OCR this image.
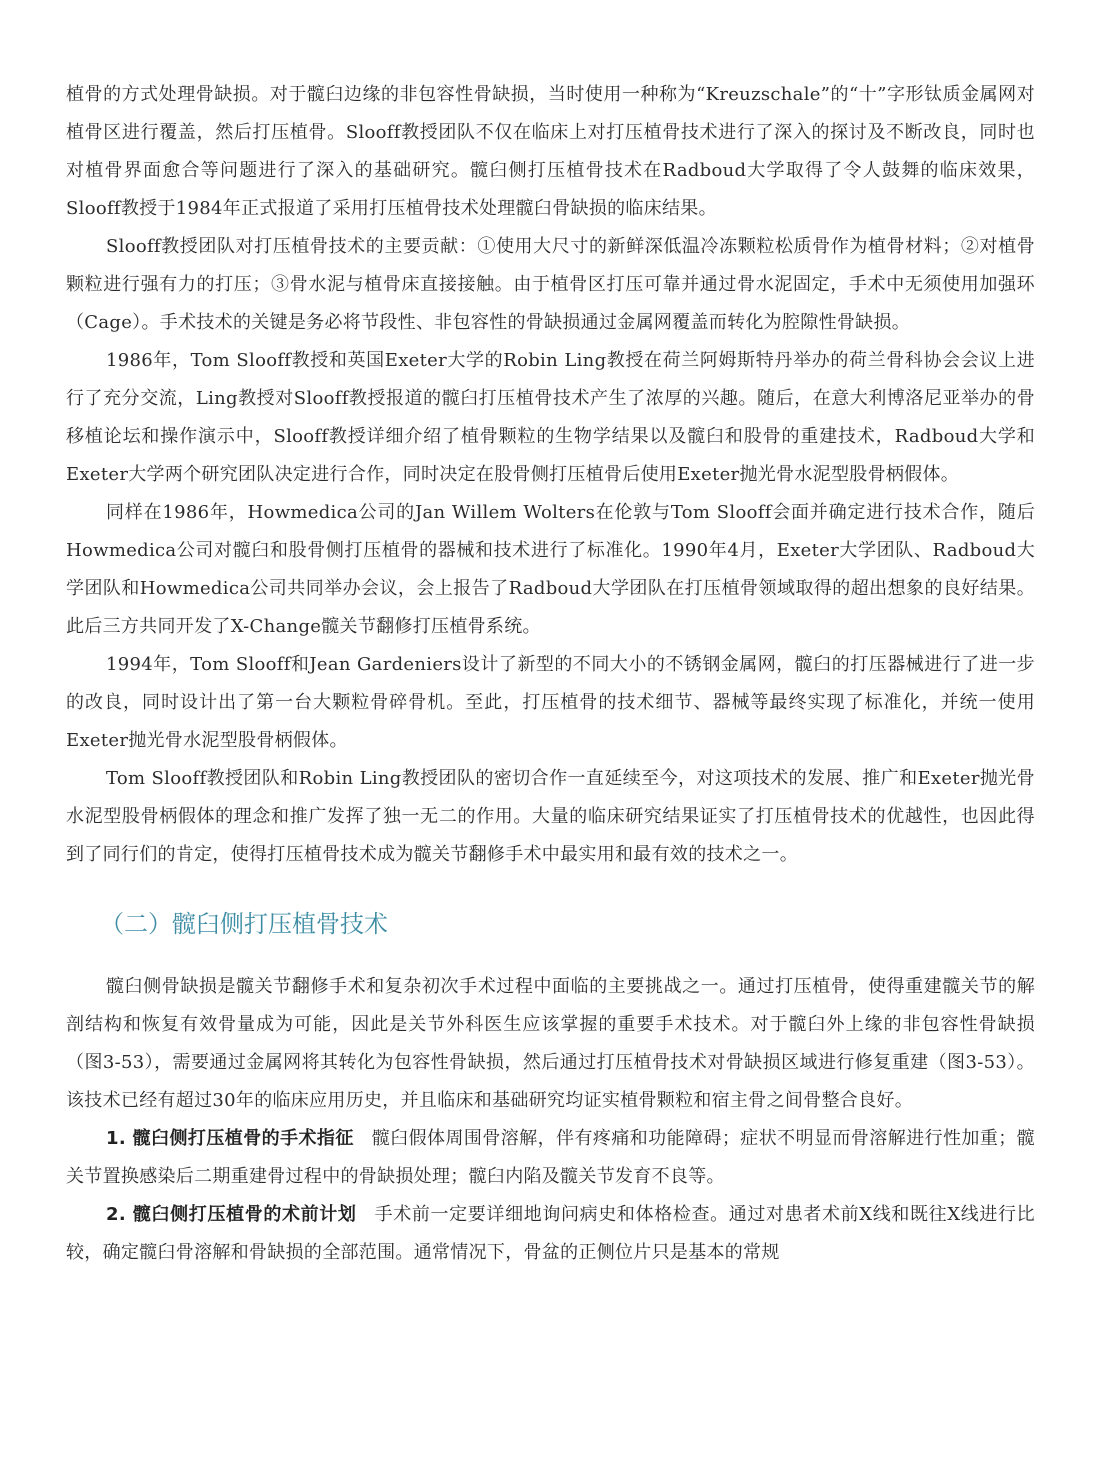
植骨的方式处理骨缺损。对于髋臼边缘的非包容性骨缺损，当时使用一种称为“Kreuzschale”的“十”字形钛质金属网对植骨区进行覆盖，然后打压植骨。Slooff教授团队不仅在临床上对打压植骨技术进行了深入的探讨及不断改良，同时也对植骨界面愈合等问题进行了深入的基础研究。髋臼侧打压植骨技术在Radboud大学取得了令人鼓舞的临床效果，Slooff教授于1984年正式报道了采用打压植骨技术处理髋臼骨缺损的临床结果。

Slooff教授团队对打压植骨技术的主要贡献：①使用大尺寸的新鲜深低温冷冻颗粒松质骨作为植骨材料；②对植骨颗粒进行强有力的打压；③骨水泥与植骨床直接接触。由于植骨区打压可靠并通过骨水泥固定，手术中无须使用加强环（Cage）。手术技术的关键是务必将节段性、非包容性的骨缺损通过金属网覆盖而转化为腔隙性骨缺损。

1986年，Tom Slooff教授和英国Exeter大学的Robin Ling教授在荷兰阿姆斯特丹举办的荷兰骨科协会会议上进行了充分交流，Ling教授对Slooff教授报道的髋臼打压植骨技术产生了浓厚的兴趣。随后，在意大利博洛尼亚举办的骨移植论坛和操作演示中，Slooff教授详细介绍了植骨颗粒的生物学结果以及髋臼和股骨的重建技术，Radboud大学和Exeter大学两个研究团队决定进行合作，同时决定在股骨侧打压植骨后使用Exeter抛光骨水泥型股骨柄假体。

同样在1986年，Howmedica公司的Jan Willem Wolters在伦敦与Tom Slooff会面并确定进行技术合作，随后Howmedica公司对髋臼和股骨侧打压植骨的器械和技术进行了标准化。1990年4月，Exeter大学团队、Radboud大学团队和Howmedica公司共同举办会议，会上报告了Radboud大学团队在打压植骨领域取得的超出想象的良好结果。此后三方共同开发了X-Change髋关节翻修打压植骨系统。

1994年，Tom Slooff和Jean Gardeniers设计了新型的不同大小的不锈钢金属网，髋臼的打压器械进行了进一步的改良，同时设计出了第一台大颗粒骨碎骨机。至此，打压植骨的技术细节、器械等最终实现了标准化，并统一使用Exeter抛光骨水泥型股骨柄假体。

Tom Slooff教授团队和Robin Ling教授团队的密切合作一直延续至今，对这项技术的发展、推广和Exeter抛光骨水泥型股骨柄假体的理念和推广发挥了独一无二的作用。大量的临床研究结果证实了打压植骨技术的优越性，也因此得到了同行们的肯定，使得打压植骨技术成为髋关节翻修手术中最实用和最有效的技术之一。

（二）髋臼侧打压植骨技术

髋臼侧骨缺损是髋关节翻修手术和复杂初次手术过程中面临的主要挑战之一。通过打压植骨，使得重建髋关节的解剖结构和恢复有效骨量成为可能，因此是关节外科医生应该掌握的重要手术技术。对于髋臼外上缘的非包容性骨缺损（图3-53），需要通过金属网将其转化为包容性骨缺损，然后通过打压植骨技术对骨缺损区域进行修复重建（图3-53）。该技术已经有超过30年的临床应用历史，并且临床和基础研究均证实植骨颗粒和宿主骨之间骨整合良好。

1. 髋臼侧打压植骨的手术指征 髋臼假体周围骨溶解，伴有疼痛和功能障碍；症状不明显而骨溶解进行性加重；髋关节置换感染后二期重建骨过程中的骨缺损处理；髋臼内陷及髋关节发育不良等。

2. 髋臼侧打压植骨的术前计划 手术前一定要详细地询问病史和体格检查。通过对患者术前X线和既往X线进行比较，确定髋臼骨溶解和骨缺损的全部范围。通常情况下，骨盆的正侧位片只是基本的常规
